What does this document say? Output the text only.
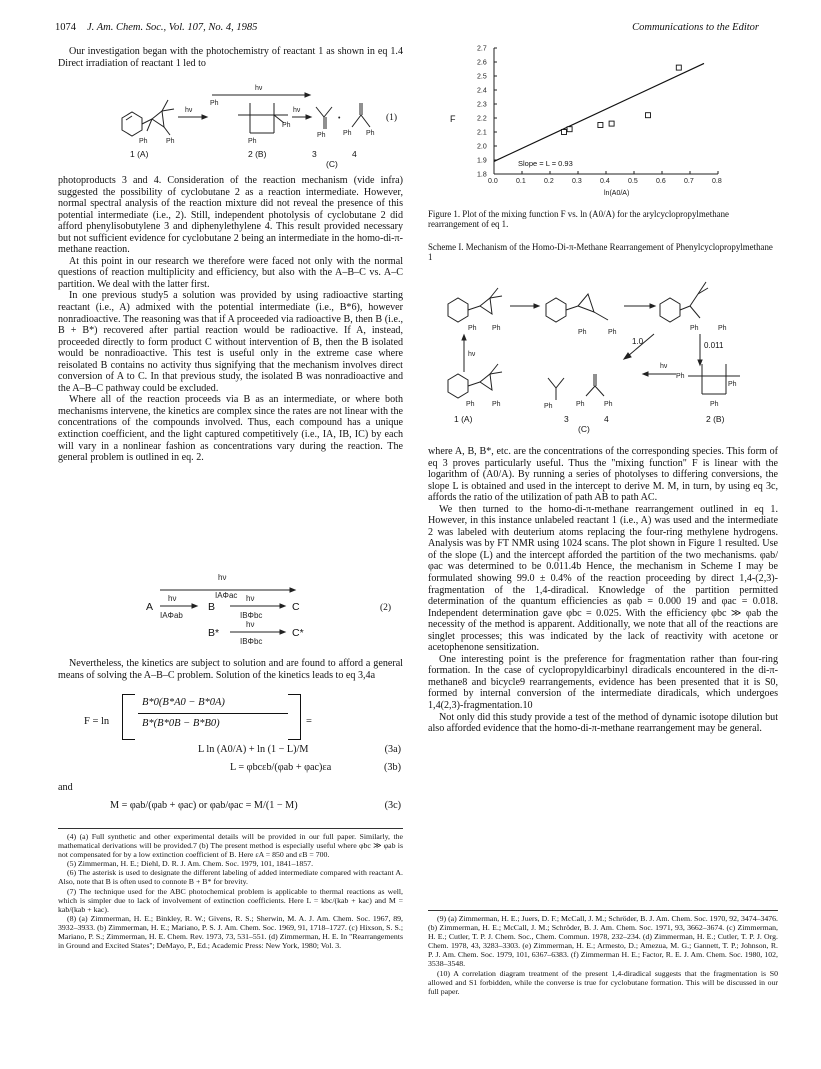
1074 J. Am. Chem. Soc., Vol. 107, No. 4, 1985	Communications to the Editor

Our investigation began with the photochemistry of reactant 1 as shown in eq 1.4 Direct irradiation of reactant 1 led to

Ph	Ph
hν
hν
Ph
Ph
Ph
hν
Ph
•
Ph Ph
1 (A)	2 (B)	3
(C)
4
(1)

photoproducts 3 and 4. Consideration of the reaction mechanism (vide infra) suggested the possibility of cyclobutane 2 as a reaction intermediate. However, normal spectral analysis of the reaction mixture did not reveal the presence of this potential intermediate (i.e., 2). Still, independent photolysis of cyclobutane 2 did afford phenylisobutylene 3 and diphenylethylene 4. This result provided necessary but not sufficient evidence for cyclobutane 2 being an intermediate in the homo-di-π-methane reaction.

At this point in our research we therefore were faced not only with the normal questions of reaction multiplicity and efficiency, but also with the A–B–C vs. A–C partition. We deal with the latter first.

In one previous study5 a solution was provided by using radioactive starting reactant (i.e., A) admixed with the potential intermediate (i.e., B*6), however nonradioactive. The reasoning was that if A proceeded via radioactive B, then B (i.e., B + B*) recovered after partial reaction would be radioactive. If A, instead, proceeded directly to form product C without intervention of B, then the B isolated would be nonradioactive. This test is useful only in the extreme case where reisolated B contains no activity thus signifying that the mechanism involves direct conversion of A to C. In that previous study, the isolated B was nonradioactive and the A–B–C pathway could be excluded.

Where all of the reaction proceeds via B as an intermediate, or where both mechanisms intervene, the kinetics are complex since the rates are not linear with the concentrations of the compounds involved. Thus, each compound has a unique extinction coefficient, and the light captured competitively (i.e., IA, IB, IC) by each will vary in a nonlinear fashion as concentrations vary during the reaction. The general problem is outlined in eq. 2.

hν
IAΦac
hν
IAΦab
hν
IBΦbc
hν
IBΦbc
A	B	C
B*	C*
(2)

Nevertheless, the kinetics are subject to solution and are found to afford a general means of solving the A–B–C problem. Solution of the kinetics leads to eq 3,4a

F = ln
B*0(B*A0 − B*0A)
B*(B*0B − B*B0)	=
L ln (A0/A) + ln (1 − L)/M	(3a)
L = φbcεb/(φab + φac)εa	(3b)
and
M = φab/(φab + φac) or φab/φac = M/(1 − M)	(3c)

(4) (a) Full synthetic and other experimental details will be provided in our full paper. Similarly, the mathematical derivations will be provided.7 (b) The present method is especially useful where φbc ≫ φab is not compensated for by a low extinction coefficient of B. Here εA = 850 and εB = 700.

(5) Zimmerman, H. E.; Diehl, D. R. J. Am. Chem. Soc. 1979, 101, 1841–1857.

(6) The asterisk is used to designate the different labeling of added intermediate compared with reactant A. Also, note that B is often used to connote B + B* for brevity.

(7) The technique used for the ABC photochemical problem is applicable to thermal reactions as well, which is simpler due to lack of involvement of extinction coefficients. Here L = kbc/(kab + kac) and M = kab/(kab + kac).

(8) (a) Zimmerman, H. E.; Binkley, R. W.; Givens, R. S.; Sherwin, M. A. J. Am. Chem. Soc. 1967, 89, 3932–3933. (b) Zimmerman, H. E.; Mariano, P. S. J. Am. Chem. Soc. 1969, 91, 1718–1727. (c) Hixson, S. S.; Mariano, P. S.; Zimmerman, H. E. Chem. Rev. 1973, 73, 531–551. (d) Zimmerman, H. E. In "Rearrangements in Ground and Excited States"; DeMayo, P., Ed.; Academic Press: New York, 1980; Vol. 3.

0.0	0.1	0.2	0.3	0.4	0.5	0.6	0.7	0.8
1.8
1.9
2.0
2.1
2.2
2.3
2.4
2.5
2.6
2.7
F
ln(A0/A)
Slope = L = 0.93

Figure 1. Plot of the mixing function F vs. ln (A0/A) for the arylcyclopropylmethane rearrangement of eq 1.

Scheme I. Mechanism of the Homo-Di-π-Methane Rearrangement of Phenylcyclopropylmethane 1

Ph Ph
Ph	Ph
Ph	Ph
hν
hν
Ph Ph	Ph	Ph	Ph
Ph
Ph
Ph
1.0	0.011
1 (A)	3
(C)
4	2 (B)

where A, B, B*, etc. are the concentrations of the corresponding species. This form of eq 3 proves particularly useful. Thus the "mixing function" F is linear with the logarithm of (A0/A). By running a series of photolyses to differing conversions, the slope L is obtained and used in the intercept to derive M. M, in turn, by using eq 3c, affords the ratio of the utilization of path AB to path AC.

We then turned to the homo-di-π-methane rearrangement outlined in eq 1. However, in this instance unlabeled reactant 1 (i.e., A) was used and the intermediate 2 was labeled with deuterium atoms replacing the four-ring methylene hydrogens. Analysis was by FT NMR using 1024 scans. The plot shown in Figure 1 resulted. Use of the slope (L) and the intercept afforded the partition of the two mechanisms. φab/φac was determined to be 0.011.4b Hence, the mechanism in Scheme I may be formulated showing 99.0 ± 0.4% of the reaction proceeding by direct 1,4-(2,3)-fragmentation of the 1,4-diradical. Knowledge of the partition permitted determination of the quantum efficiencies as φab = 0.000 19 and φac = 0.018. Independent determination gave φbc = 0.025. With the efficiency φbc ≫ φab the necessity of the method is apparent. Additionally, we note that all of the reactions are singlet processes; this was indicated by the lack of reactivity with acetone or acetophenone sensitization.

One interesting point is the preference for fragmentation rather than four-ring formation. In the case of cyclopropyldicarbinyl diradicals encountered in the di-π-methane8 and bicycle9 rearrangements, evidence has been presented that it is S0, formed by internal conversion of the intermediate diradicals, which undergoes 1,4(2,3)-fragmentation.10

Not only did this study provide a test of the method of dynamic isotope dilution but also afforded evidence that the homo-di-π-methane rearrangement may be general.

(9) (a) Zimmerman, H. E.; Juers, D. F.; McCall, J. M.; Schröder, B. J. Am. Chem. Soc. 1970, 92, 3474–3476. (b) Zimmerman, H. E.; McCall, J. M.; Schröder, B. J. Am. Chem. Soc. 1971, 93, 3662–3674. (c) Zimmerman, H. E.; Cutler, T. P. J. Chem. Soc., Chem. Commun. 1978, 232–234. (d) Zimmerman, H. E.; Cutler, T. P. J. Org. Chem. 1978, 43, 3283–3303. (e) Zimmerman, H. E.; Armesto, D.; Amezua, M. G.; Gannett, T. P.; Johnson, R. P. J. Am. Chem. Soc. 1979, 101, 6367–6383. (f) Zimmerman H. E.; Factor, R. E. J. Am. Chem. Soc. 1980, 102, 3538–3548.

(10) A correlation diagram treatment of the present 1,4-diradical suggests that the fragmentation is S0 allowed and S1 forbidden, while the converse is true for cyclobutane formation. This will be discussed in our full paper.
